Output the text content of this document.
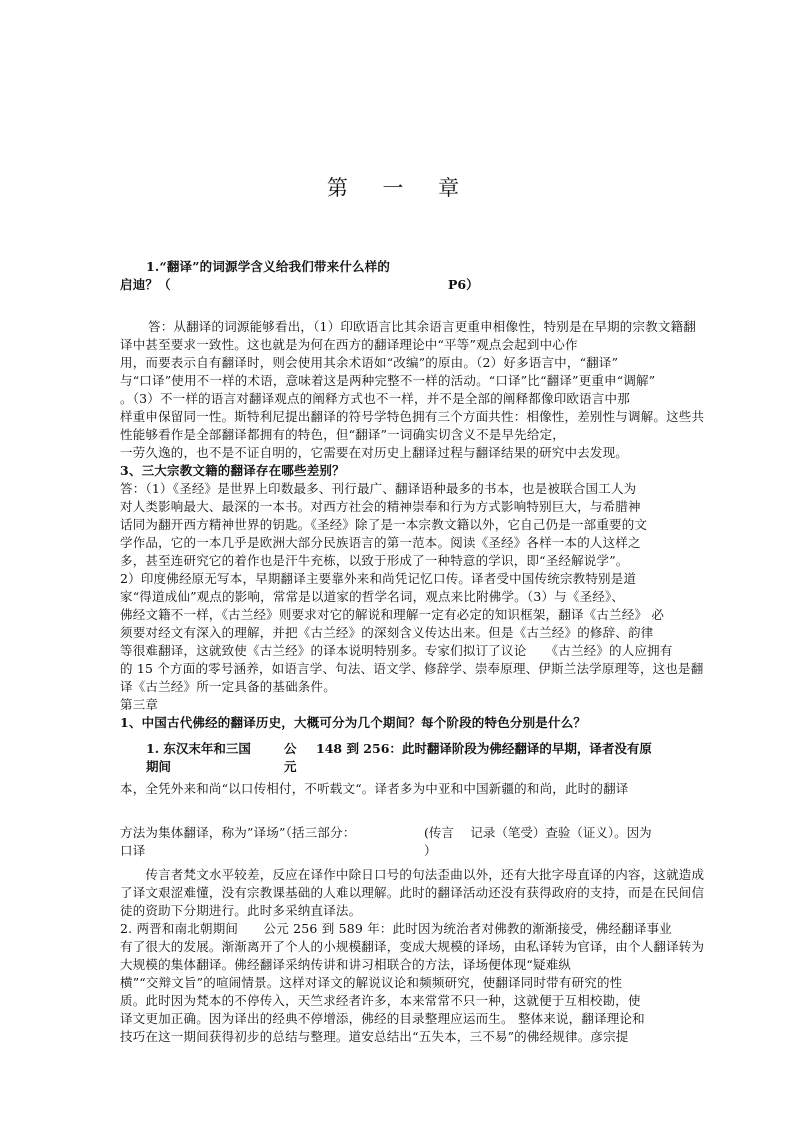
第 一 章
1.“翻译”的词源学含义给我们带来什么样的
启迪？（	P6）
答：从翻译的词源能够看出，（1）印欧语言比其余语言更重申相像性，特别是在早期的宗教文籍翻
译中甚至要求一致性。这也就是为何在西方的翻译理论中“平等”观点会起到中心作
用，而要表示自有翻译时，则会使用其余术语如“改编”的原由。（2）好多语言中，“翻译”
与“口译”使用不一样的术语，意味着这是两种完整不一样的活动。“口译”比“翻译”更重申“调解”
。（3）不一样的语言对翻译观点的阐释方式也不一样，并不是全部的阐释都像印欧语言中那
样重申保留同一性。斯特利尼提出翻译的符号学特色拥有三个方面共性：相像性，差别性与调解。这些共
性能够看作是全部翻译都拥有的特色，但“翻译”一词确实切含义不是早先给定，
一劳久逸的，也不是不证自明的，它需要在对历史上翻译过程与翻译结果的研究中去发现。
3、三大宗教文籍的翻译存在哪些差别？
答：（1）《圣经》是世界上印数最多、刊行最广、翻译语种最多的书本，也是被联合国工人为
对人类影响最大、最深的一本书。对西方社会的精神崇奉和行为方式影响特别巨大，与希腊神
话同为翻开西方精神世界的钥匙。《圣经》除了是一本宗教文籍以外，它自己仍是一部重要的文
学作品，它的一本几乎是欧洲大部分民族语言的第一范本。阅读《圣经》各样一本的人这样之
多，甚至连研究它的着作也是汗牛充栋，以致于形成了一种特意的学识，即“圣经解说学”。
2）印度佛经原无写本，早期翻译主要靠外来和尚凭记忆口传。译者受中国传统宗教特别是道
家“得道成仙”观点的影响，常常是以道家的哲学名词，观点来比附佛学。（3）与《圣经》、
佛经文籍不一样，《古兰经》则要求对它的解说和理解一定有必定的知识框架，翻译《古兰经》 必
须要对经文有深入的理解，并把《古兰经》的深刻含义传达出来。但是《古兰经》的修辞、韵律
等很难翻译，这就致使《古兰经》的译本说明特别多。专家们拟订了议论　　《古兰经》的人应拥有
的 15 个方面的零号涵养，如语言学、句法、语文学、修辞学、崇奉原理、伊斯兰法学原理等，这也是翻
译《古兰经》所一定具备的基础条件。
第三章
1、中国古代佛经的翻译历史，大概可分为几个期间？每个阶段的特色分别是什么？
1. 东汉末年和三国
期间
公
元
148 到 256：此时翻译阶段为佛经翻译的早期，译者没有原
本，全凭外来和尚“以口传相付，不听载文“。译者多为中亚和中国新疆的和尚，此时的翻译
方法为集体翻译，称为”译场”（括三部分：	(传言　 记录（笔受）查验（证义）。因为
口译	）
　　传言者梵文水平较差，反应在译作中除日口号的句法歪曲以外，还有大批字母直译的内容，这就造成
了译文艰涩难懂，没有宗教课基础的人难以理解。此时的翻译活动还没有获得政府的支持，而是在民间信
徒的资助下分期进行。此时多采纳直译法。
2. 两晋和南北朝期间　　公元 256 到 589 年：此时因为统治者对佛教的渐渐接受，佛经翻译事业
有了很大的发展。渐渐离开了个人的小规模翻译，变成大规模的译场，由私译转为官译，由个人翻译转为
大规模的集体翻译。佛经翻译采纳传讲和讲习相联合的方法，译场便体现“疑难纵
横”“交辩文旨”的喧闹情景。这样对译文的解说议论和频频研究，使翻译同时带有研究的性
质。此时因为梵本的不停传入，天竺求经者许多，本来常常不只一种，这就便于互相校勘，使
译文更加正确。因为译出的经典不停增添，佛经的目录整理应运而生。 整体来说，翻译理论和
技巧在这一期间获得初步的总结与整理。道安总结出“五失本，三不易”的佛经规律。彦宗提
